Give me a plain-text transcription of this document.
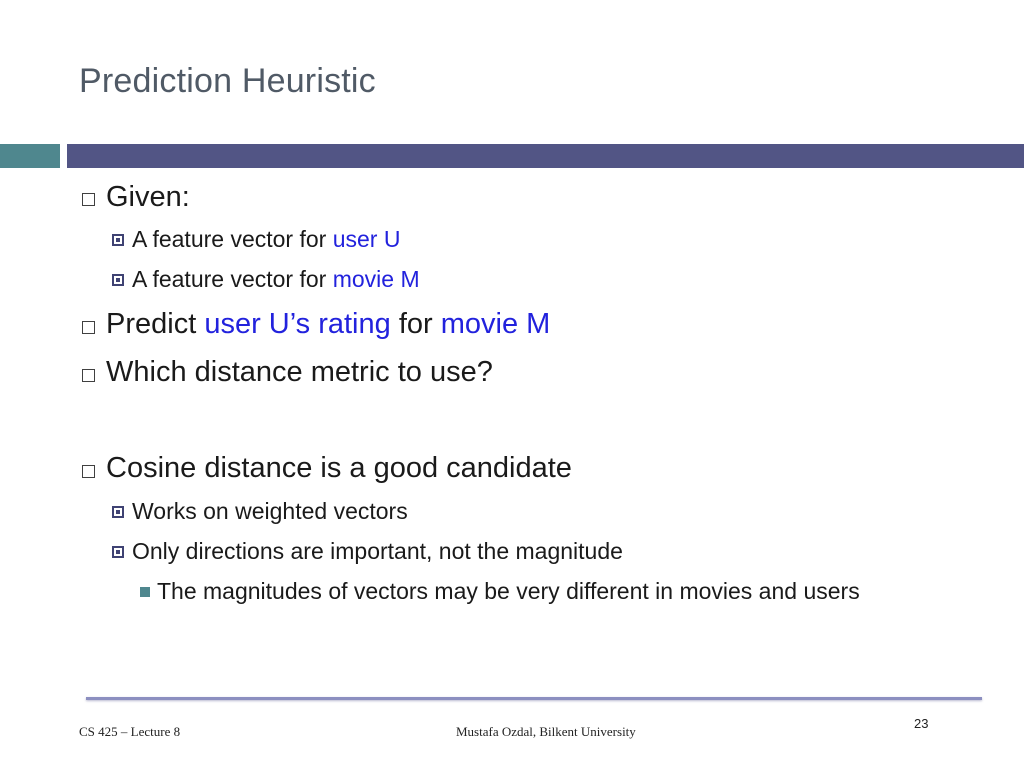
Prediction Heuristic
Given:
A feature vector for user U
A feature vector for movie M
Predict user U’s rating for movie M
Which distance metric to use?
Cosine distance is a good candidate
Works on weighted vectors
Only directions are important, not the magnitude
The magnitudes of vectors may be very different in movies and users
CS 425 – Lecture 8	Mustafa Ozdal, Bilkent University
23
